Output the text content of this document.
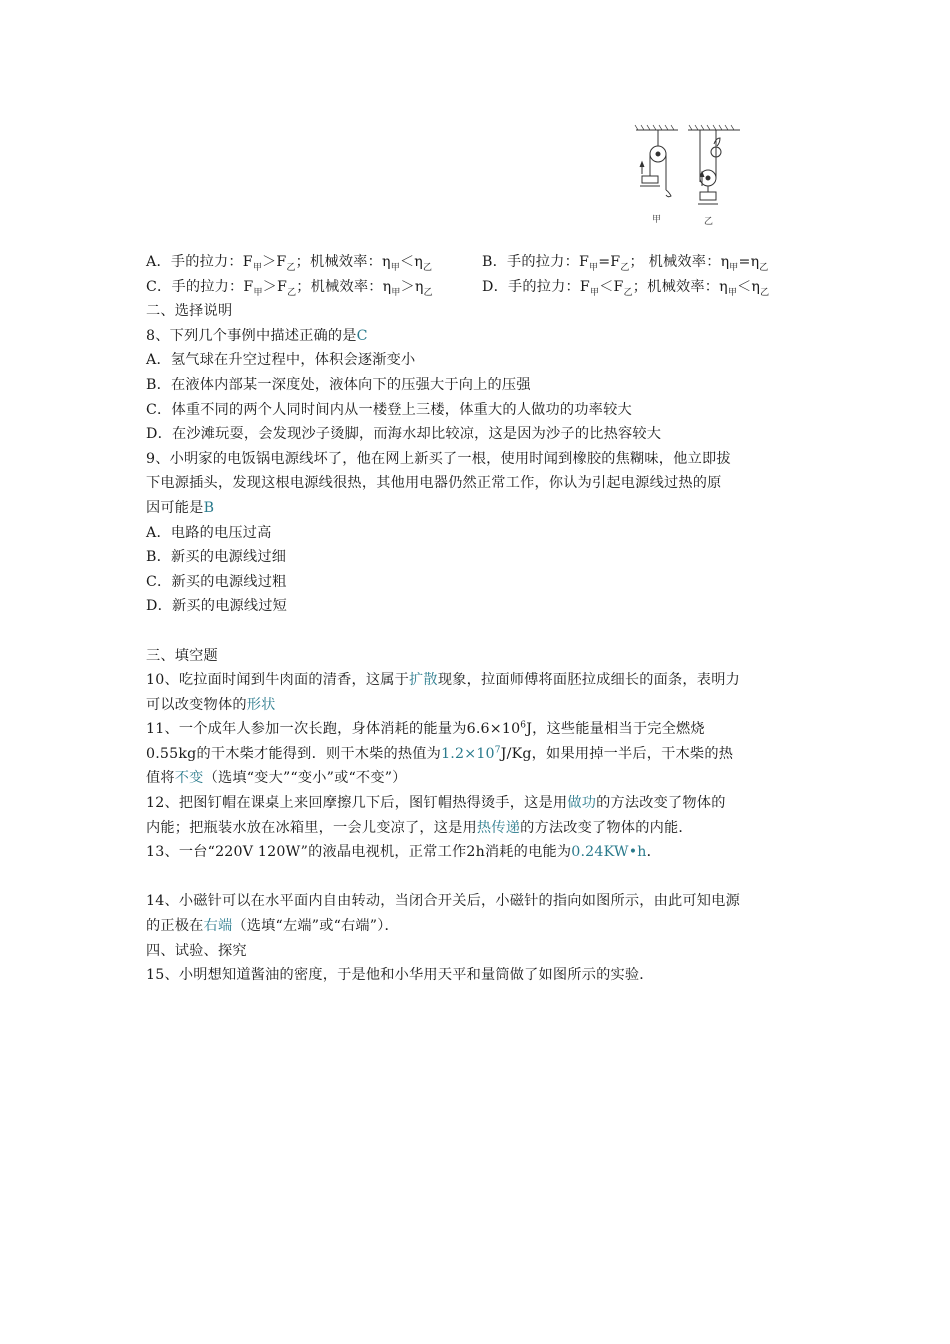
甲	乙
A．手的拉力：$F_甲>F_乙$；机械效率：$\eta_甲<\eta_乙$	B．手的拉力：$F_甲=F_乙$； 机械效率：$\eta_甲=\eta_乙$
C．手的拉力：$F_甲>F_乙$；机械效率：$\eta_甲>\eta_乙$	D．手的拉力：$F_甲<F_乙$；机械效率：$\eta_甲<\eta_乙$
二、选择说明
8、下列几个事例中描述正确的是C
A．氢气球在升空过程中，体积会逐渐变小
B．在液体内部某一深度处，液体向下的压强大于向上的压强
C．体重不同的两个人同时间内从一楼登上三楼，体重大的人做功的功率较大
D．在沙滩玩耍，会发现沙子烫脚，而海水却比较凉，这是因为沙子的比热容较大
9、小明家的电饭锅电源线坏了，他在网上新买了一根，使用时闻到橡胶的焦糊味，他立即拔
下电源插头，发现这根电源线很热，其他用电器仍然正常工作，你认为引起电源线过热的原
因可能是B
A．电路的电压过高
B．新买的电源线过细
C．新买的电源线过粗
D．新买的电源线过短
三、填空题
10、吃拉面时闻到牛肉面的清香，这属于扩散现象，拉面师傅将面胚拉成细长的面条，表明力
可以改变物体的形状
11、一个成年人参加一次长跑，身体消耗的能量为$6.6\times 10^6J$，这些能量相当于完全燃烧
0.55kg的干木柴才能得到．则干木柴的热值为$1.2\times 10^7J/Kg$，如果用掉一半后，干木柴的热
值将不变（选填“变大”“变小”或“不变”）
12、把图钉帽在课桌上来回摩擦几下后，图钉帽热得烫手，这是用做功的方法改变了物体的
内能；把瓶装水放在冰箱里，一会儿变凉了，这是用热传递的方法改变了物体的内能．
13、一台“220V 120W”的液晶电视机，正常工作2h消耗的电能为0.24KW•h．
14、小磁针可以在水平面内自由转动，当闭合开关后，小磁针的指向如图所示，由此可知电源
的正极在右端（选填“左端”或“右端”）．
四、试验、探究
15、小明想知道酱油的密度，于是他和小华用天平和量筒做了如图所示的实验．
